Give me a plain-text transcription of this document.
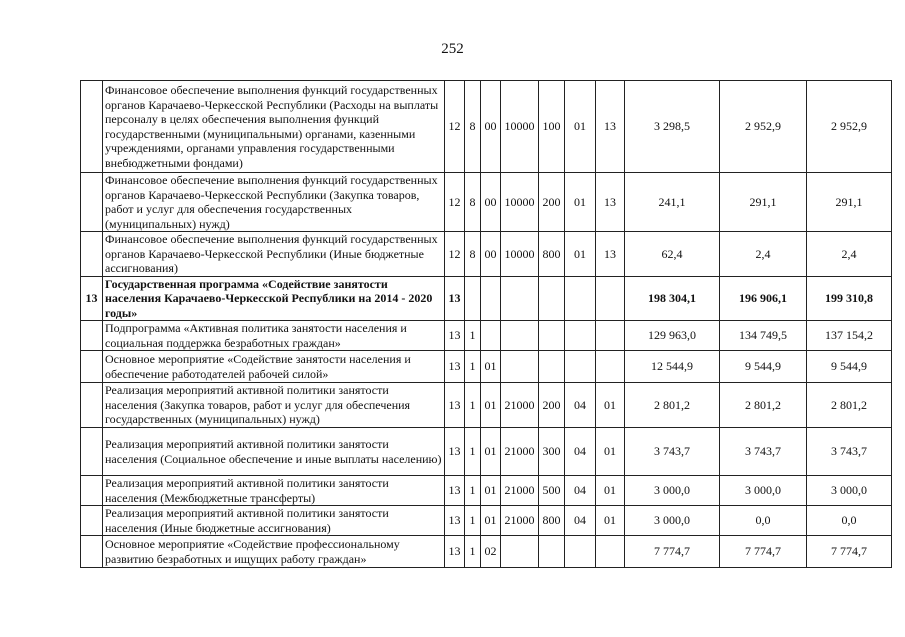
252
	Финансовое обеспечение выполнения функций государственных органов Карачаево-Черкесской Республики (Расходы на выплаты персоналу в целях обеспечения выполнения функций государственными (муниципальными) органами, казенными учреждениями, органами управления государственными внебюджетными фондами)	12	8	00	10000	100	01	13	3 298,5	2 952,9	2 952,9
	Финансовое обеспечение выполнения функций государственных органов Карачаево-Черкесской Республики (Закупка товаров, работ и услуг для обеспечения государственных (муниципальных) нужд)	12	8	00	10000	200	01	13	241,1	291,1	291,1
	Финансовое обеспечение выполнения функций государственных органов Карачаево-Черкесской Республики (Иные бюджетные ассигнования)	12	8	00	10000	800	01	13	62,4	2,4	2,4
13	Государственная программа «Содействие занятости населения Карачаево-Черкесской Республики на 2014 - 2020 годы»	13							198 304,1	196 906,1	199 310,8
	Подпрограмма «Активная политика занятости населения и социальная поддержка безработных граждан»	13	1						129 963,0	134 749,5	137 154,2
	Основное мероприятие «Содействие занятости населения и обеспечение работодателей рабочей силой»	13	1	01					12 544,9	9 544,9	9 544,9
	Реализация мероприятий активной политики занятости населения (Закупка товаров, работ и услуг для обеспечения государственных (муниципальных) нужд)	13	1	01	21000	200	04	01	2 801,2	2 801,2	2 801,2
	Реализация мероприятий активной политики занятости населения (Социальное обеспечение и иные выплаты населению)	13	1	01	21000	300	04	01	3 743,7	3 743,7	3 743,7
	Реализация мероприятий активной политики занятости населения (Межбюджетные трансферты)	13	1	01	21000	500	04	01	3 000,0	3 000,0	3 000,0
	Реализация мероприятий активной политики занятости населения (Иные бюджетные ассигнования)	13	1	01	21000	800	04	01	3 000,0	0,0	0,0
	Основное мероприятие «Содействие профессиональному развитию безработных и ищущих работу граждан»	13	1	02					7 774,7	7 774,7	7 774,7
